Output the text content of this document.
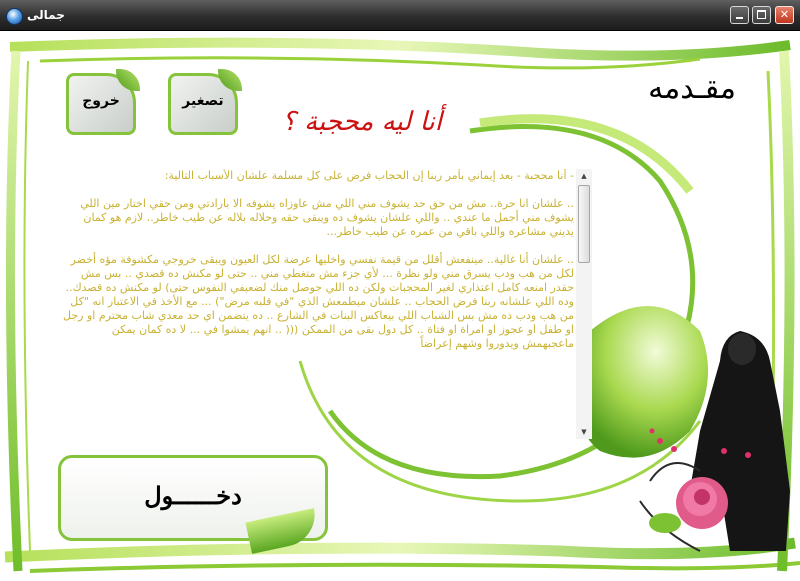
جمالى	✕
مقـدمه
خروج	تصغير
أنا ليه محجبة ؟

- أنا محجبة - بعد إيماني بأمر ربنا إن الحجاب فرض على كل مسلمة علشان الأسباب التالية:

.. علشان انا حرة.. مش من حق حد يشوف مني اللي مش عاوزاه يشوفه الا بارادتي ومن حقي اختار مين اللي يشوف مني أجمل ما عندي .. واللي علشان يشوف ده ويبقى حقه وحلاله بلاله عن طيب خاطر.. لازم هو كمان يديني مشاعره واللي باقي من عمره عن طيب خاطر...

.. علشان أنا غالية.. مينفعش أقلل من قيمة نفسي واخليها عرضة لكل العيون ويبقى خروجي مكشوفة مؤه أخضر لكل من هب ودب يسرق مني ولو نظرة ... لأي جزء مش متغطي مني .. حتى لو مكنش ده قصدي .. بس مش حقدر امنعه كامل اعتذاري لغير المحجبات ولكن ده اللي حوصل منك لضعيفي النفوس حتى) لو مكنش ده قصدك.. وده اللي علشانه ربنا فرض الحجاب .. علشان ميطمعش الذي "في قلبه مرض") ... مع الأخذ في الاعتبار انه "كل من هب ودب ده مش بس الشباب اللي بيعاكس البنات في الشارع .. ده يتضمن اي حد معدي شاب محترم او رجل او طفل او عجوز او امراة او فتاة .. كل دول بقى من الممكن ((( .. انهم يمشوا في ... لا ده كمان يمكن ماعجبهمش ويدوروا وشهم إعراضاً

▲
▼
دخــــــول
